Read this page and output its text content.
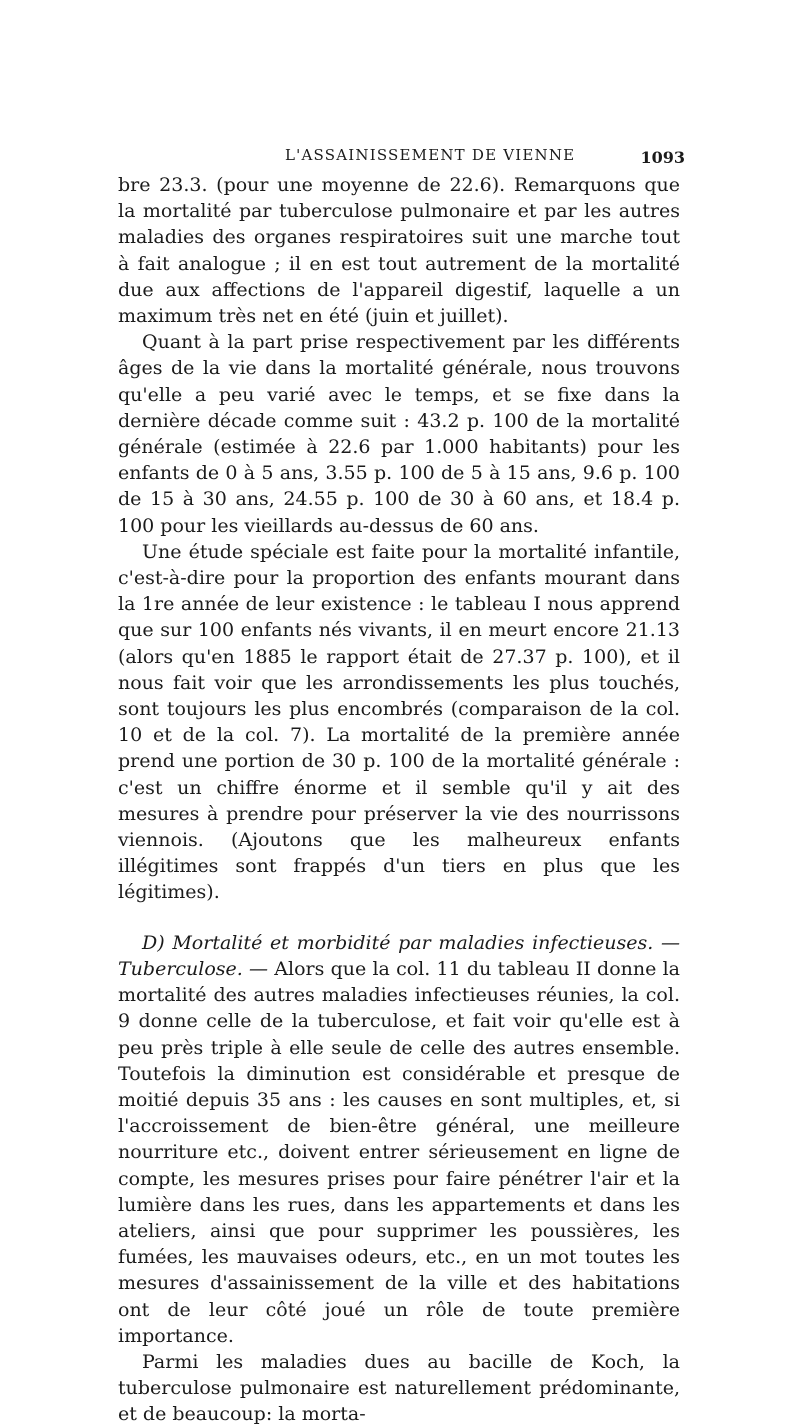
L'ASSAINISSEMENT DE VIENNE	1093

bre 23.3. (pour une moyenne de 22.6). Remarquons que la mortalité par tuberculose pulmonaire et par les autres maladies des organes respiratoires suit une marche tout à fait analogue ; il en est tout autrement de la mortalité due aux affections de l'appareil digestif, laquelle a un maximum très net en été (juin et juillet).

Quant à la part prise respectivement par les différents âges de la vie dans la mortalité générale, nous trouvons qu'elle a peu varié avec le temps, et se fixe dans la dernière décade comme suit : 43.2 p. 100 de la mortalité générale (estimée à 22.6 par 1.000 habitants) pour les enfants de 0 à 5 ans, 3.55 p. 100 de 5 à 15 ans, 9.6 p. 100 de 15 à 30 ans, 24.55 p. 100 de 30 à 60 ans, et 18.4 p. 100 pour les vieillards au-dessus de 60 ans.

Une étude spéciale est faite pour la mortalité infantile, c'est-à-dire pour la proportion des enfants mourant dans la 1re année de leur existence : le tableau I nous apprend que sur 100 enfants nés vivants, il en meurt encore 21.13 (alors qu'en 1885 le rapport était de 27.37 p. 100), et il nous fait voir que les arrondissements les plus touchés, sont toujours les plus encombrés (comparaison de la col. 10 et de la col. 7). La mortalité de la première année prend une portion de 30 p. 100 de la mortalité générale : c'est un chiffre énorme et il semble qu'il y ait des mesures à prendre pour préserver la vie des nourrissons viennois. (Ajoutons que les malheureux enfants illégitimes sont frappés d'un tiers en plus que les légitimes).

D) Mortalité et morbidité par maladies infectieuses. — Tuberculose. — Alors que la col. 11 du tableau II donne la mortalité des autres maladies infectieuses réunies, la col. 9 donne celle de la tuberculose, et fait voir qu'elle est à peu près triple à elle seule de celle des autres ensemble. Toutefois la diminution est considérable et presque de moitié depuis 35 ans : les causes en sont multiples, et, si l'accroissement de bien-être général, une meilleure nourriture etc., doivent entrer sérieusement en ligne de compte, les mesures prises pour faire pénétrer l'air et la lumière dans les rues, dans les appartements et dans les ateliers, ainsi que pour supprimer les poussières, les fumées, les mauvaises odeurs, etc., en un mot toutes les mesures d'assainissement de la ville et des habitations ont de leur côté joué un rôle de toute première importance.

Parmi les maladies dues au bacille de Koch, la tuberculose pulmonaire est naturellement prédominante, et de beaucoup: la morta-
